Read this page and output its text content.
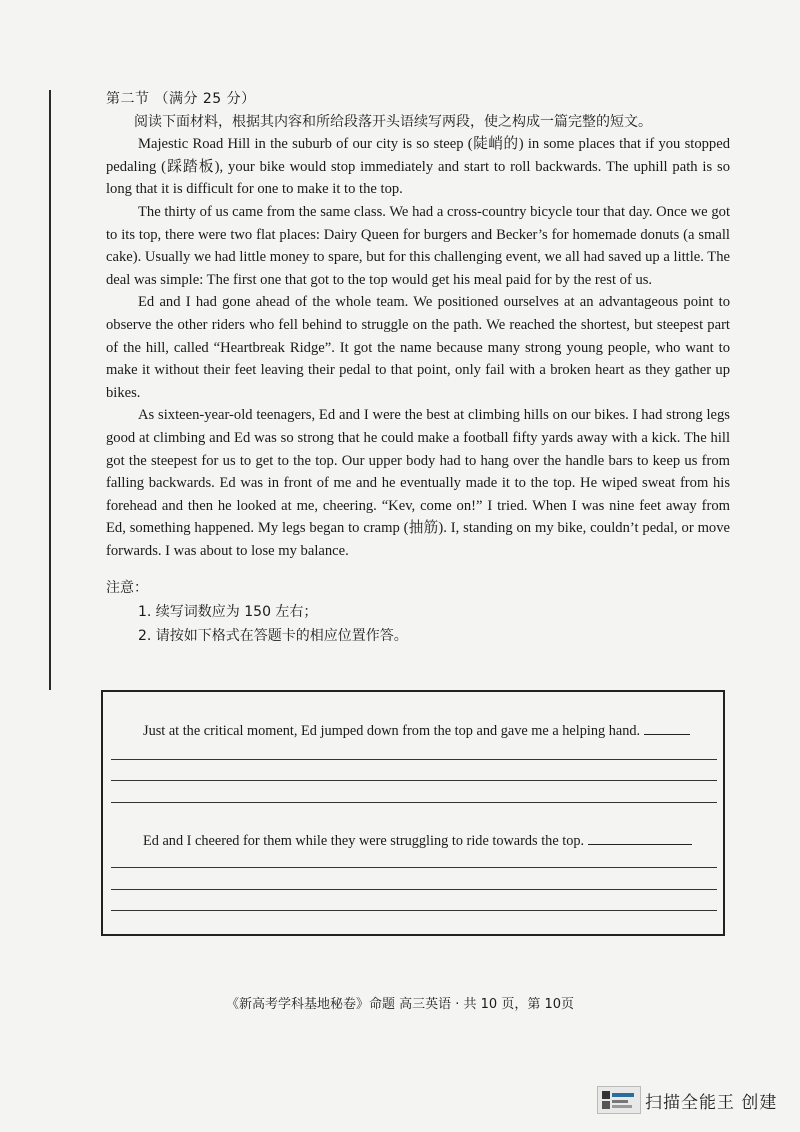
第二节 （满分 25 分）

阅读下面材料，根据其内容和所给段落开头语续写两段，使之构成一篇完整的短文。

Majestic Road Hill in the suburb of our city is so steep (陡峭的) in some places that if you stopped pedaling (踩踏板), your bike would stop immediately and start to roll backwards. The uphill path is so long that it is difficult for one to make it to the top.

The thirty of us came from the same class. We had a cross-country bicycle tour that day. Once we got to its top, there were two flat places: Dairy Queen for burgers and Becker’s for homemade donuts (a small cake). Usually we had little money to spare, but for this challenging event, we all had saved up a little. The deal was simple: The first one that got to the top would get his meal paid for by the rest of us.

Ed and I had gone ahead of the whole team. We positioned ourselves at an advantageous point to observe the other riders who fell behind to struggle on the path. We reached the shortest, but steepest part of the hill, called “Heartbreak Ridge”. It got the name because many strong young people, who want to make it without their feet leaving their pedal to that point, only fail with a broken heart as they gather up bikes.

As sixteen-year-old teenagers, Ed and I were the best at climbing hills on our bikes. I had strong legs good at climbing and Ed was so strong that he could make a football fifty yards away with a kick. The hill got the steepest for us to get to the top. Our upper body had to hang over the handle bars to keep us from falling backwards. Ed was in front of me and he eventually made it to the top. He wiped sweat from his forehead and then he looked at me, cheering. “Kev, come on!” I tried. When I was nine feet away from Ed, something happened. My legs began to cramp (抽筋). I, standing on my bike, couldn’t pedal, or move forwards. I was about to lose my balance.

注意：
1. 续写词数应为 150 左右；
2. 请按如下格式在答题卡的相应位置作答。
Just at the critical moment, Ed jumped down from the top and gave me a helping hand.
Ed and I cheered for them while they were struggling to ride towards the top.
《新高考学科基地秘卷》命题 高三英语 · 共 10 页，第 10页
扫描全能王 创建
